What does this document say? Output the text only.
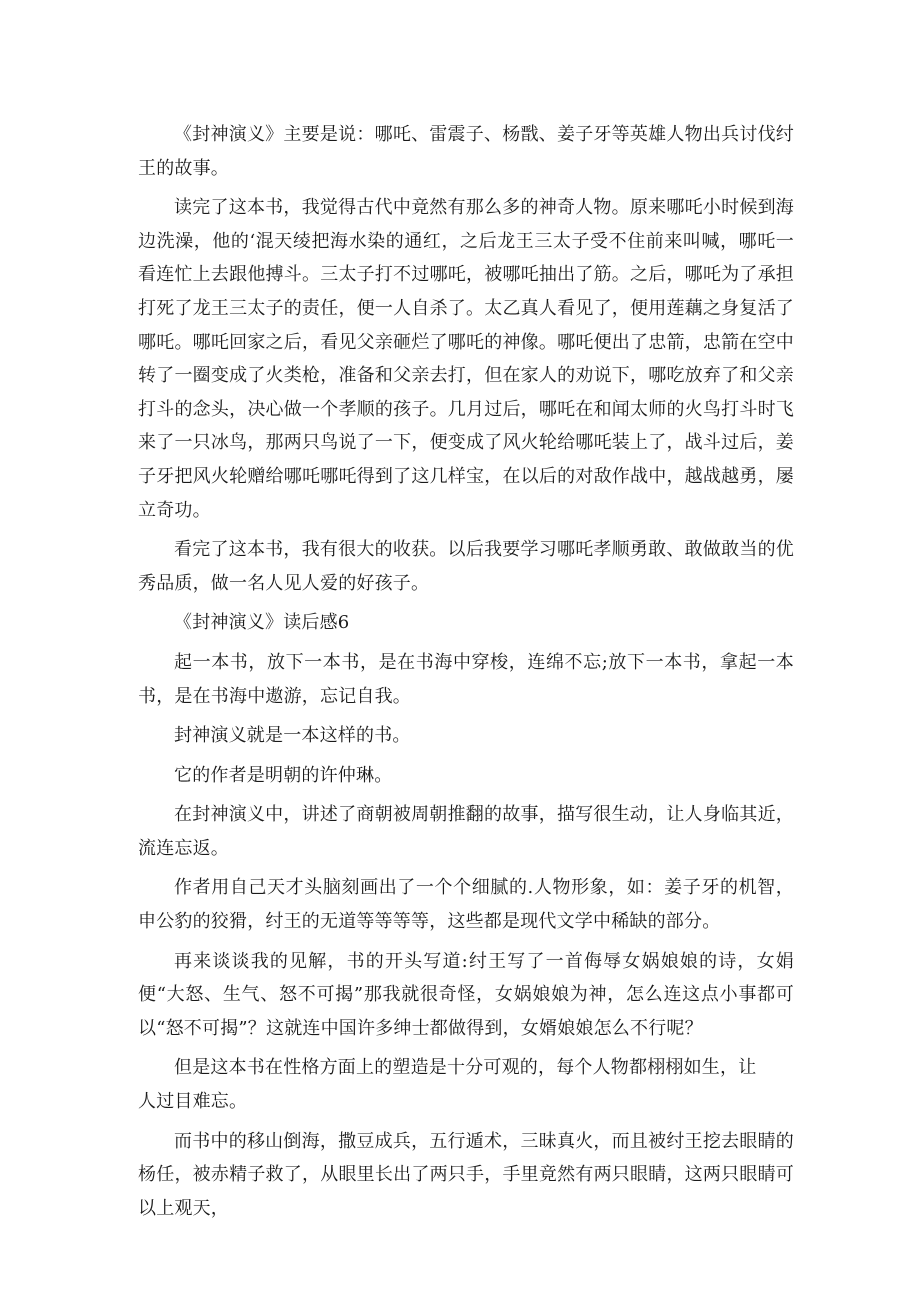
《封神演义》主要是说：哪吒、雷震子、杨戬、姜子牙等英雄人物出兵讨伐纣王的故事。

读完了这本书，我觉得古代中竟然有那么多的神奇人物。原来哪吒小时候到海边洗澡，他的‘混天绫把海水染的通红，之后龙王三太子受不住前来叫喊，哪吒一看连忙上去跟他搏斗。三太子打不过哪吒，被哪吒抽出了筋。之后，哪吒为了承担打死了龙王三太子的责任，便一人自杀了。太乙真人看见了，便用莲藕之身复活了哪吒。哪吒回家之后，看见父亲砸烂了哪吒的神像。哪吒便出了忠箭，忠箭在空中转了一圈变成了火类枪，准备和父亲去打，但在家人的劝说下，哪吃放弃了和父亲打斗的念头，决心做一个孝顺的孩子。几月过后，哪吒在和闻太师的火鸟打斗时飞来了一只冰鸟，那两只鸟说了一下，便变成了风火轮给哪吒装上了，战斗过后，姜子牙把风火轮赠给哪吒哪吒得到了这几样宝，在以后的对敌作战中，越战越勇，屡立奇功。

看完了这本书，我有很大的收获。以后我要学习哪吒孝顺勇敢、敢做敢当的优秀品质，做一名人见人爱的好孩子。

《封神演义》读后感6

起一本书，放下一本书，是在书海中穿梭，连绵不忘;放下一本书，拿起一本书，是在书海中遨游，忘记自我。

封神演义就是一本这样的书。

它的作者是明朝的许仲琳。

在封神演义中，讲述了商朝被周朝推翻的故事，描写很生动，让人身临其近，流连忘返。

作者用自己天才头脑刻画出了一个个细腻的.人物形象，如：姜子牙的机智，申公豹的狡猾，纣王的无道等等等等，这些都是现代文学中稀缺的部分。

再来谈谈我的见解，书的开头写道:纣王写了一首侮辱女娲娘娘的诗，女娟便“大怒、生气、怒不可揭”那我就很奇怪，女娲娘娘为神，怎么连这点小事都可以“怒不可揭”？这就连中国许多绅士都做得到，女婿娘娘怎么不行呢？

但是这本书在性格方面上的塑造是十分可观的，每个人物都栩栩如生，让

人过目难忘。

而书中的移山倒海，撒豆成兵，五行遁术，三昧真火，而且被纣王挖去眼睛的杨任，被赤精子救了，从眼里长出了两只手，手里竟然有两只眼睛，这两只眼睛可以上观天，
